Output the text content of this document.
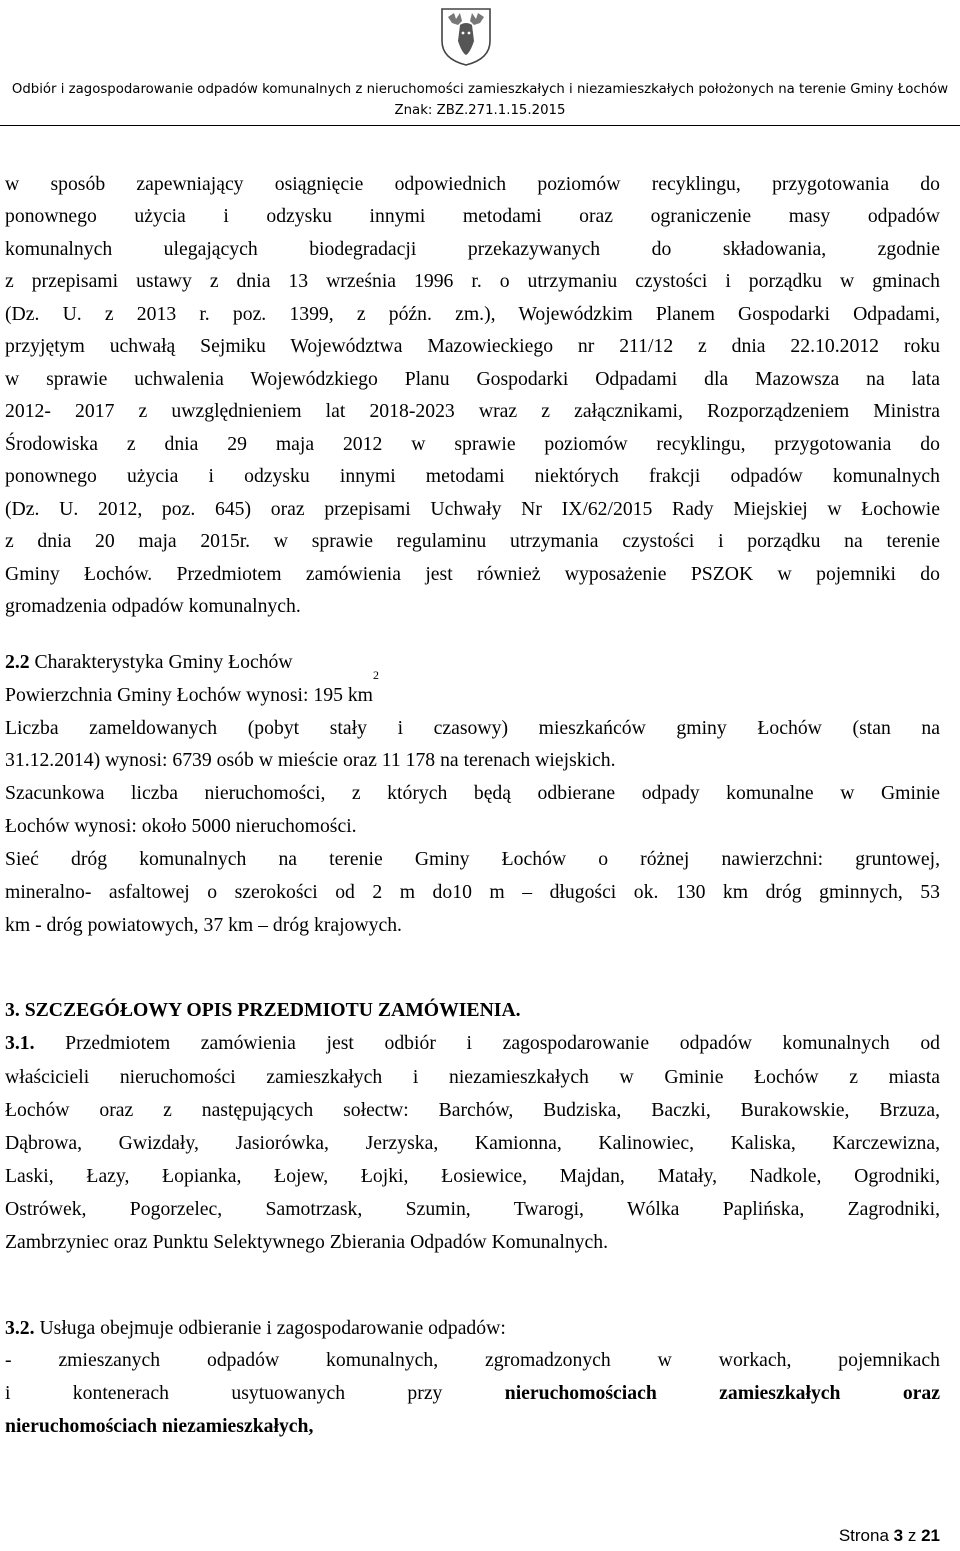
Odbiór i zagospodarowanie odpadów komunalnych z nieruchomości zamieszkałych i niezamieszkałych położonych na terenie Gminy Łochów
Znak: ZBZ.271.1.15.2015
w sposób zapewniający osiągnięcie odpowiednich poziomów recyklingu, przygotowania do
ponownego użycia i odzysku innymi metodami oraz ograniczenie masy odpadów
komunalnych ulegających biodegradacji przekazywanych do składowania, zgodnie
z przepisami ustawy z dnia 13 września 1996 r. o utrzymaniu czystości i porządku w gminach
(Dz. U. z 2013 r. poz. 1399, z późn. zm.), Wojewódzkim Planem Gospodarki Odpadami,
przyjętym uchwałą Sejmiku Województwa Mazowieckiego nr 211/12 z dnia 22.10.2012 roku
w sprawie uchwalenia Wojewódzkiego Planu Gospodarki Odpadami dla Mazowsza na lata
2012- 2017 z uwzględnieniem lat 2018-2023 wraz z załącznikami, Rozporządzeniem Ministra
Środowiska z dnia 29 maja 2012 w sprawie poziomów recyklingu, przygotowania do
ponownego użycia i odzysku innymi metodami niektórych frakcji odpadów komunalnych
(Dz. U. 2012, poz. 645) oraz przepisami Uchwały Nr IX/62/2015 Rady Miejskiej w Łochowie
z dnia 20 maja 2015r. w sprawie regulaminu utrzymania czystości i porządku na terenie
Gminy Łochów. Przedmiotem zamówienia jest również wyposażenie PSZOK w pojemniki do
gromadzenia odpadów komunalnych.
2.2 Charakterystyka Gminy Łochów
Powierzchnia Gminy Łochów wynosi: 195 $km^2$
Liczba zameldowanych (pobyt stały i czasowy) mieszkańców gminy Łochów (stan na
31.12.2014) wynosi: 6739 osób w mieście oraz 11 178 na terenach wiejskich.
Szacunkowa liczba nieruchomości, z których będą odbierane odpady komunalne w Gminie
Łochów wynosi: około 5000 nieruchomości.
Sieć dróg komunalnych na terenie Gminy Łochów o różnej nawierzchni: gruntowej,
mineralno- asfaltowej o szerokości od 2 m do10 m – długości ok. 130 km dróg gminnych, 53
km - dróg powiatowych, 37 km – dróg krajowych.
3. SZCZEGÓŁOWY OPIS PRZEDMIOTU ZAMÓWIENIA.
3.1. Przedmiotem zamówienia jest odbiór i zagospodarowanie odpadów komunalnych od
właścicieli nieruchomości zamieszkałych i niezamieszkałych w Gminie Łochów z miasta
Łochów oraz z następujących sołectw: Barchów, Budziska, Baczki, Burakowskie, Brzuza,
Dąbrowa, Gwizdały, Jasiorówka, Jerzyska, Kamionna, Kalinowiec, Kaliska, Karczewizna,
Laski, Łazy, Łopianka, Łojew, Łojki, Łosiewice, Majdan, Matały, Nadkole, Ogrodniki,
Ostrówek, Pogorzelec, Samotrzask, Szumin, Twarogi, Wólka Paplińska, Zagrodniki,
Zambrzyniec oraz Punktu Selektywnego Zbierania Odpadów Komunalnych.
3.2. Usługa obejmuje odbieranie i zagospodarowanie odpadów:
- zmieszanych odpadów komunalnych, zgromadzonych w workach, pojemnikach
i kontenerach usytuowanych przy	nieruchomościach zamieszkałych oraz
nieruchomościach niezamieszkałych,
Strona 3 z 21
